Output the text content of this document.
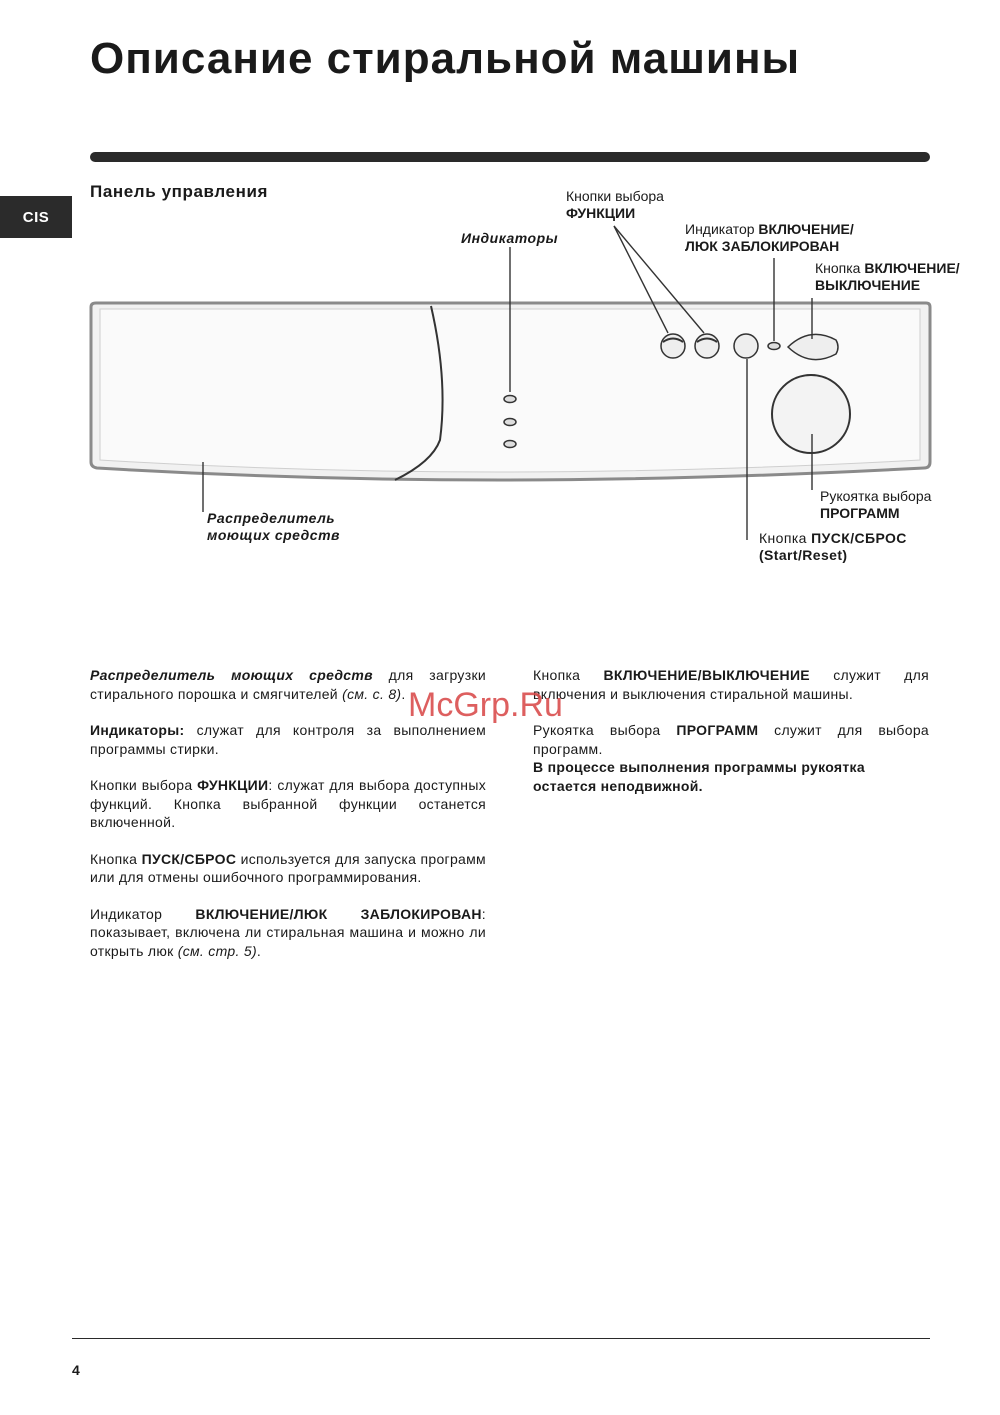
Описание стиральной машины
CIS
Панель управления	Кнопки выбора
ФУНКЦИИ
Индикаторы
Индикатор ВКЛЮЧЕНИЕ/
ЛЮК ЗАБЛОКИРОВАН
Кнопка ВКЛЮЧЕНИЕ/
ВЫКЛЮЧЕНИЕ
Распределитель
моющих средств
Рукоятка выбора
ПРОГРАММ
Кнопка ПУСК/СБРОС
(Start/Reset)

Распределитель моющих средств для загрузки стирального порошка и смягчителей (см. с. 8).

Индикаторы: служат для контроля за выполнением программы стирки.

Кнопки выбора ФУНКЦИИ: служат для выбора доступных функций. Кнопка выбранной функции останется включенной.

Кнопка ПУСК/СБРОС используется для запуска программ или для отмены ошибочного программирования.

Индикатор ВКЛЮЧЕНИЕ/ЛЮК ЗАБЛОКИРОВАН: показывает, включена ли стиральная машина и можно ли открыть люк (см. стр. 5).

Кнопка ВКЛЮЧЕНИЕ/ВЫКЛЮЧЕНИЕ служит для включения и выключения стиральной машины.

Рукоятка выбора ПРОГРАММ служит для выбора программ.

В процессе выполнения программы рукоятка остается неподвижной.

McGrp.Ru
4
